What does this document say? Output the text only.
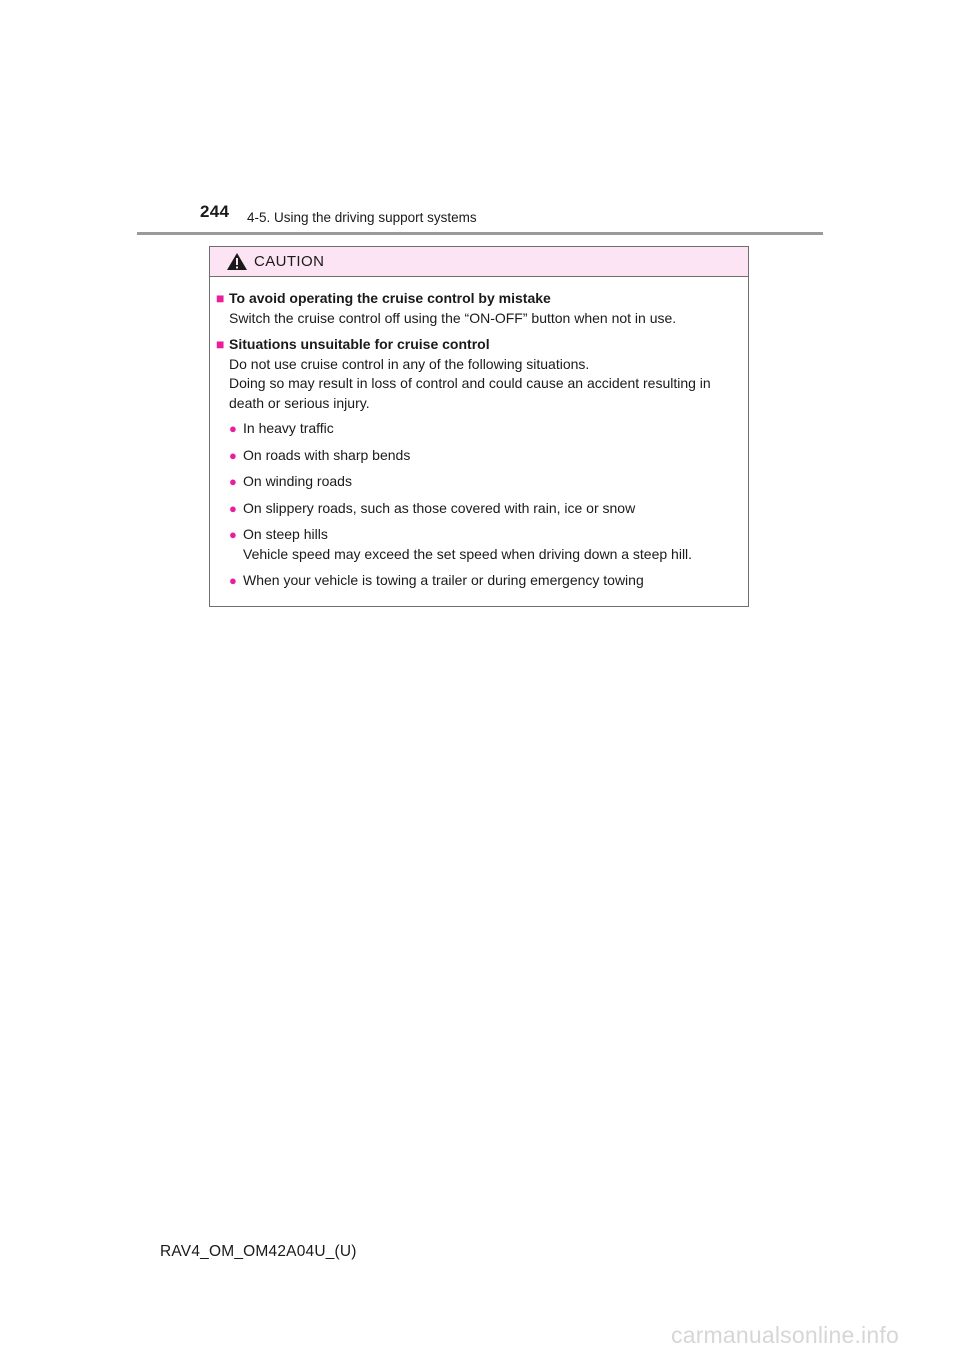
244 4-5. Using the driving support systems
CAUTION
■ To avoid operating the cruise control by mistake

Switch the cruise control off using the “ON-OFF” button when not in use.

■ Situations unsuitable for cruise control

Do not use cruise control in any of the following situations.

Doing so may result in loss of control and could cause an accident resulting in death or serious injury.

● In heavy traffic

● On roads with sharp bends

● On winding roads

● On slippery roads, such as those covered with rain, ice or snow

● On steep hills

Vehicle speed may exceed the set speed when driving down a steep hill.

● When your vehicle is towing a trailer or during emergency towing

RAV4_OM_OM42A04U_(U)
carmanualsonline.info
